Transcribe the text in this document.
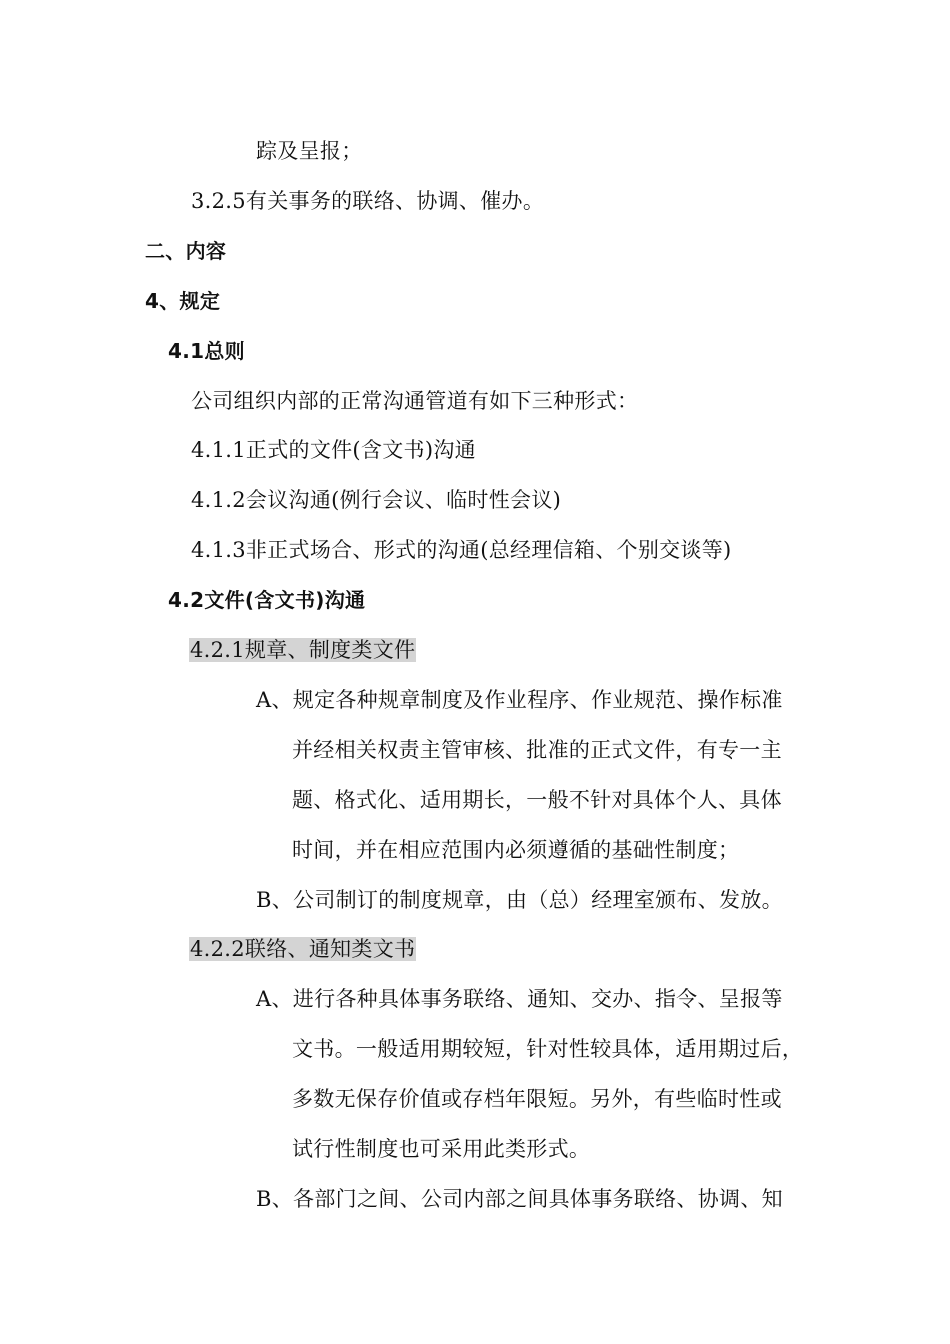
踪及呈报；
3.2.5有关事务的联络、协调、催办。
二、内容
4、规定
4.1总则
公司组织内部的正常沟通管道有如下三种形式：
4.1.1正式的文件(含文书)沟通
4.1.2会议沟通(例行会议、临时性会议)
4.1.3非正式场合、形式的沟通(总经理信箱、个别交谈等)
4.2文件(含文书)沟通
4.2.1规章、制度类文件
A、规定各种规章制度及作业程序、作业规范、操作标准
并经相关权责主管审核、批准的正式文件，有专一主
题、格式化、适用期长，一般不针对具体个人、具体
时间，并在相应范围内必须遵循的基础性制度；
B、公司制订的制度规章，由（总）经理室颁布、发放。
4.2.2联络、通知类文书
A、进行各种具体事务联络、通知、交办、指令、呈报等
文书。一般适用期较短，针对性较具体，适用期过后，
多数无保存价值或存档年限短。另外，有些临时性或
试行性制度也可采用此类形式。
B、各部门之间、公司内部之间具体事务联络、协调、知
